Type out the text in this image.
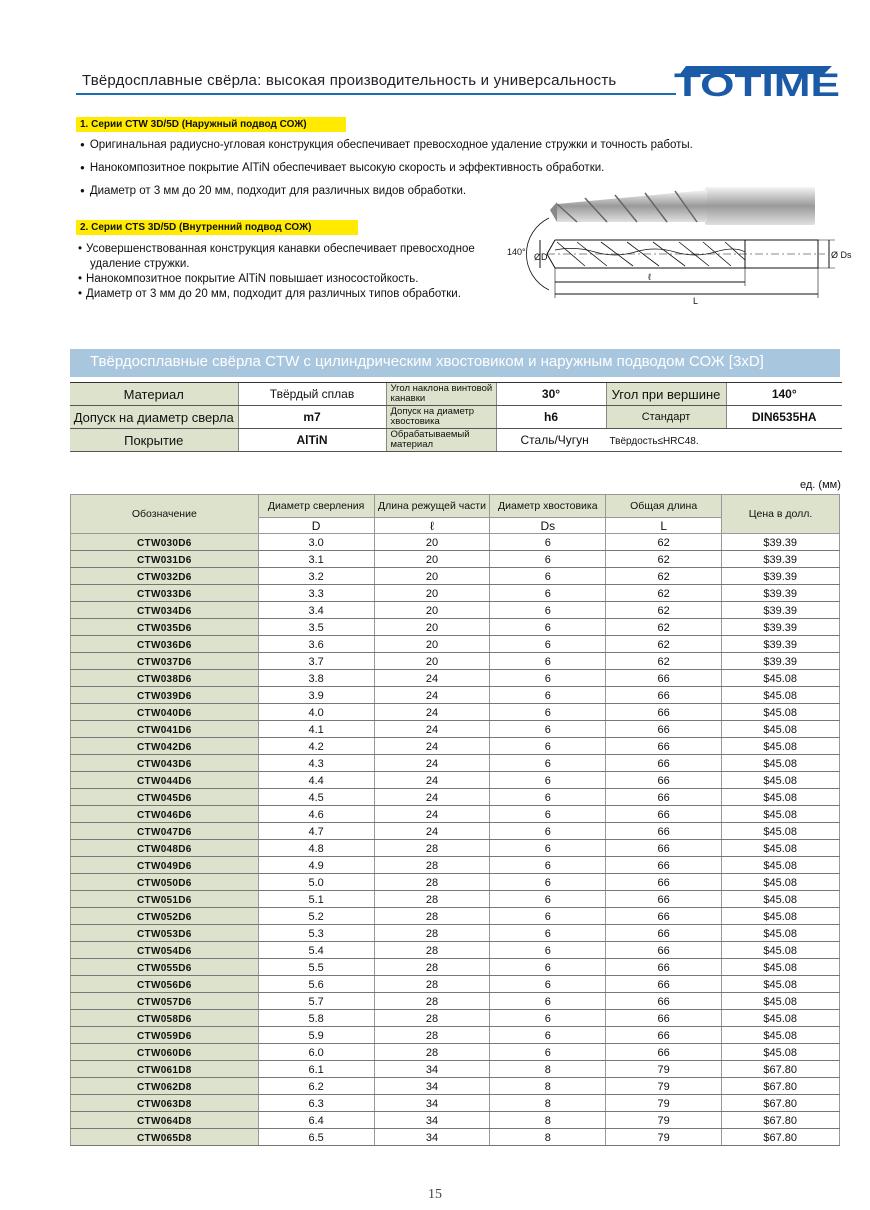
Твёрдосплавные свёрла: высокая производительность и универсальность TOTIME
1. Серии CTW 3D/5D (Наружный подвод СОЖ)
● Оригинальная радиусно-угловая конструкция обеспечивает превосходное удаление стружки и точность работы.
● Нанокомпозитное покрытие AlTiN обеспечивает высокую скорость и эффективность обработки.
● Диаметр от 3 мм до 20 мм, подходит для различных видов обработки.
2. Серии CTS 3D/5D (Внутренний подвод СОЖ)
• Усовершенствованная конструкция канавки обеспечивает превосходное удаление стружки.
• Нанокомпозитное покрытие AlTiN повышает износостойкость.
• Диаметр от 3 мм до 20 мм, подходит для различных типов обработки.
140° ØD	Ø Ds
ℓ
L
Твёрдосплавные свёрла CTW с цилиндрическим хвостовиком и наружным подводом СОЖ [3xD]
Материал	Твёрдый сплав	Угол наклона винтовой канавки	30°	Угол при вершине	140°
Допуск на диаметр сверла	m7	Допуск на диаметр хвостовика	h6	Стандарт	DIN6535HA
Покрытие	AlTiN	Обрабатываемый материал	Сталь/Чугун Твёрдость≤HRC48.		
ед. (мм)
Обозначение	Диаметр сверления	Длина режущей части	Диаметр хвостовика	Общая длина	Цена в долл.
	D	ℓ	Ds	L	
CTW030D6	3.0	20	6	62	$39.39
CTW031D6	3.1	20	6	62	$39.39
CTW032D6	3.2	20	6	62	$39.39
CTW033D6	3.3	20	6	62	$39.39
CTW034D6	3.4	20	6	62	$39.39
CTW035D6	3.5	20	6	62	$39.39
CTW036D6	3.6	20	6	62	$39.39
CTW037D6	3.7	20	6	62	$39.39
CTW038D6	3.8	24	6	66	$45.08
CTW039D6	3.9	24	6	66	$45.08
CTW040D6	4.0	24	6	66	$45.08
CTW041D6	4.1	24	6	66	$45.08
CTW042D6	4.2	24	6	66	$45.08
CTW043D6	4.3	24	6	66	$45.08
CTW044D6	4.4	24	6	66	$45.08
CTW045D6	4.5	24	6	66	$45.08
CTW046D6	4.6	24	6	66	$45.08
CTW047D6	4.7	24	6	66	$45.08
CTW048D6	4.8	28	6	66	$45.08
CTW049D6	4.9	28	6	66	$45.08
CTW050D6	5.0	28	6	66	$45.08
CTW051D6	5.1	28	6	66	$45.08
CTW052D6	5.2	28	6	66	$45.08
CTW053D6	5.3	28	6	66	$45.08
CTW054D6	5.4	28	6	66	$45.08
CTW055D6	5.5	28	6	66	$45.08
CTW056D6	5.6	28	6	66	$45.08
CTW057D6	5.7	28	6	66	$45.08
CTW058D6	5.8	28	6	66	$45.08
CTW059D6	5.9	28	6	66	$45.08
CTW060D6	6.0	28	6	66	$45.08
CTW061D8	6.1	34	8	79	$67.80
CTW062D8	6.2	34	8	79	$67.80
CTW063D8	6.3	34	8	79	$67.80
CTW064D8	6.4	34	8	79	$67.80
CTW065D8	6.5	34	8	79	$67.80
15
